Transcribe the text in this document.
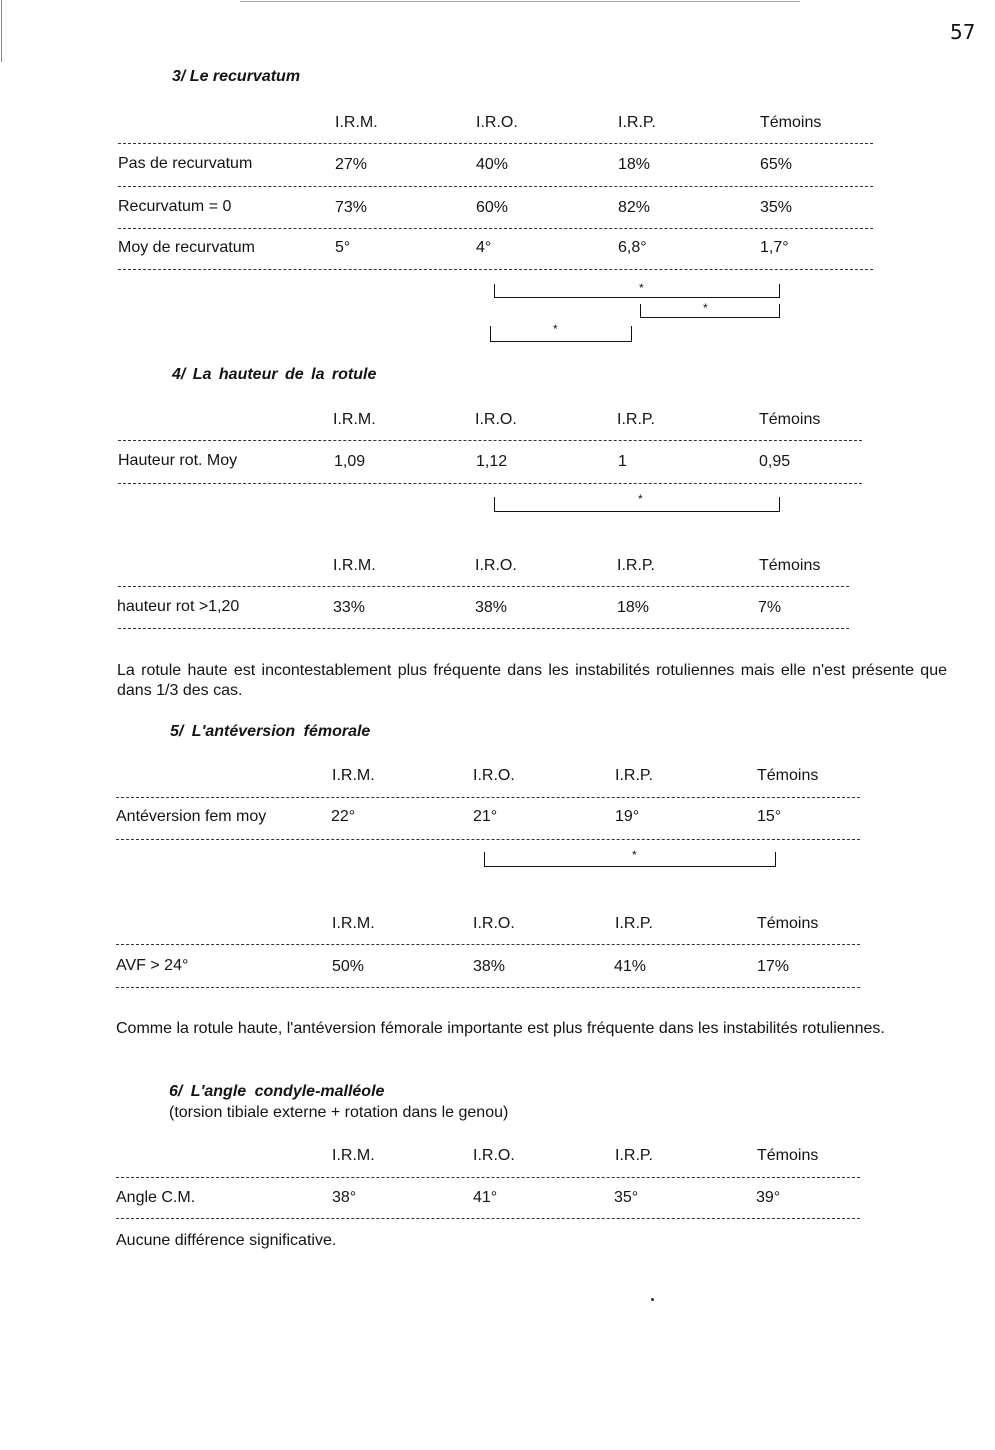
57
3/ Le recurvatum
I.R.M.	I.R.O.	I.R.P.	Témoins
Pas de recurvatum	27%	40%	18%	65%
Recurvatum = 0	73%	60%	82%	35%
Moy de recurvatum	5°	4°	6,8°	1,7°
*
*
*
4/ La hauteur de la rotule
I.R.M.	I.R.O.	I.R.P.	Témoins
Hauteur rot. Moy	1,09	1,12	1	0,95
*
I.R.M.	I.R.O.	I.R.P.	Témoins
hauteur rot >1,20	33%	38%	18%	7%
La rotule haute est incontestablement plus fréquente dans les instabilités rotuliennes mais elle n'est présente que dans 1/3 des cas.
5/ L'antéversion fémorale
I.R.M.	I.R.O.	I.R.P.	Témoins
Antéversion fem moy	22°	21°	19°	15°
*
I.R.M.	I.R.O.	I.R.P.	Témoins
AVF > 24°	50%	38%	41%	17%
Comme la rotule haute, l'antéversion fémorale importante est plus fréquente dans les instabilités rotuliennes.
6/ L'angle condyle-malléole
(torsion tibiale externe + rotation dans le genou)
I.R.M.	I.R.O.	I.R.P.	Témoins
Angle C.M.	38°	41°	35°	39°
Aucune différence significative.
